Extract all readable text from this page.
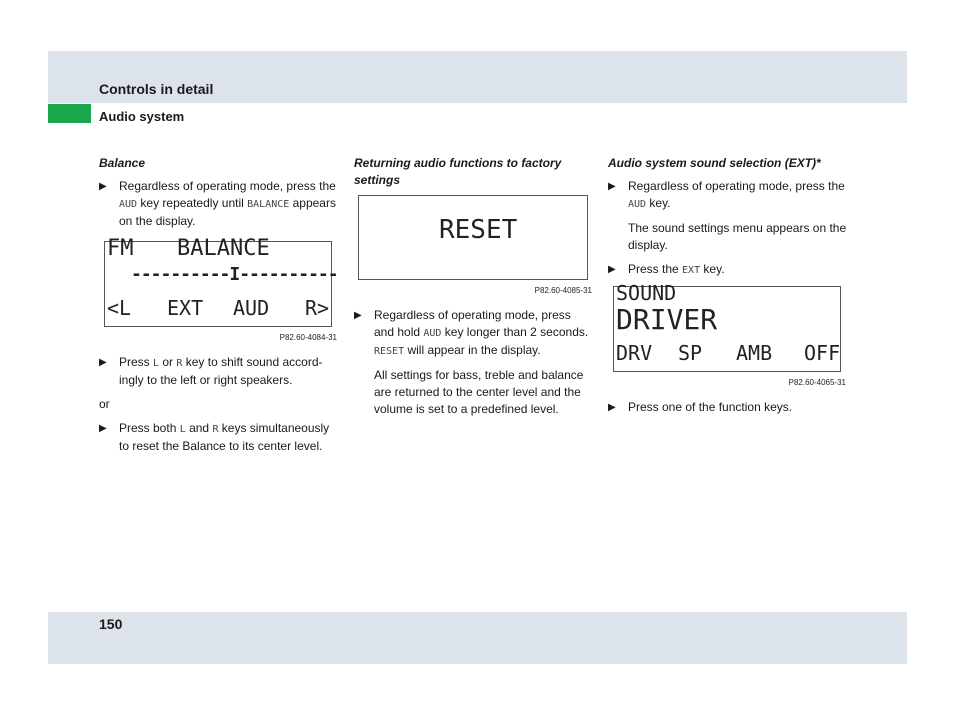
Controls in detail
Audio system
Balance
▶ Regardless of operating mode, press the AUD key repeatedly until BALANCE appears on the display.
FM BALANCE
----------I----------
<L EXT AUD R>
P82.60-4084-31
▶ Press L or R key to shift sound accord-ingly to the left or right speakers.
or
▶ Press both L and R keys simultaneously to reset the Balance to its center level.
Returning audio functions to factory settings
RESET
P82.60-4085-31
▶ Regardless of operating mode, press and hold AUD key longer than 2 seconds. RESET will appear in the display.
All settings for bass, treble and balance are returned to the center level and the volume is set to a predefined level.
Audio system sound selection (EXT)*
▶ Regardless of operating mode, press the AUD key.
The sound settings menu appears on the display.
▶ Press the EXT key.
SOUND
DRIVER
DRV SP AMB OFF
P82.60-4065-31
▶ Press one of the function keys.
150
